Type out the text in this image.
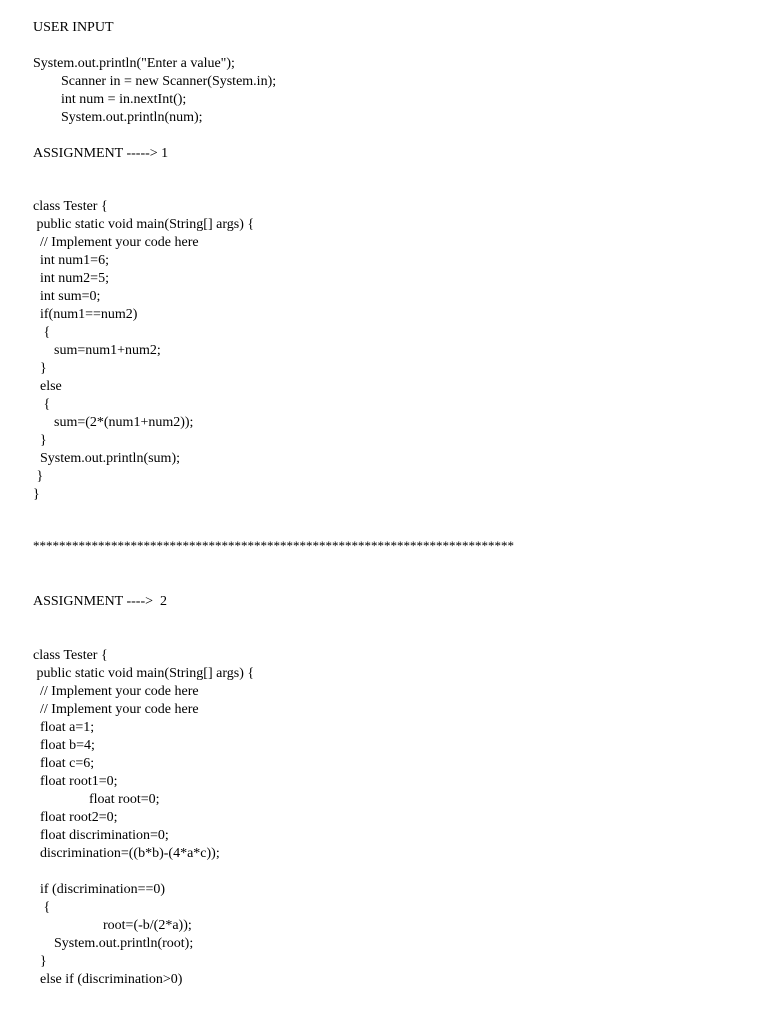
USER INPUT
System.out.println("Enter a value");
Scanner in = new Scanner(System.in);
int num = in.nextInt();
System.out.println(num);
ASSIGNMENT -----> 1
class Tester {
public static void main(String[] args) {
// Implement your code here
int num1=6;
int num2=5;
int sum=0;
if(num1==num2)
{
sum=num1+num2;
}
else
{
sum=(2*(num1+num2));
}
System.out.println(sum);
}
}
**************************************************************************
ASSIGNMENT ---->  2
class Tester {
public static void main(String[] args) {
// Implement your code here
// Implement your code here
float a=1;
float b=4;
float c=6;
float root1=0;
float root=0;
float root2=0;
float discrimination=0;
discrimination=((b*b)-(4*a*c));
if (discrimination==0)
{
root=(-b/(2*a));
System.out.println(root);
}
else if (discrimination>0)
